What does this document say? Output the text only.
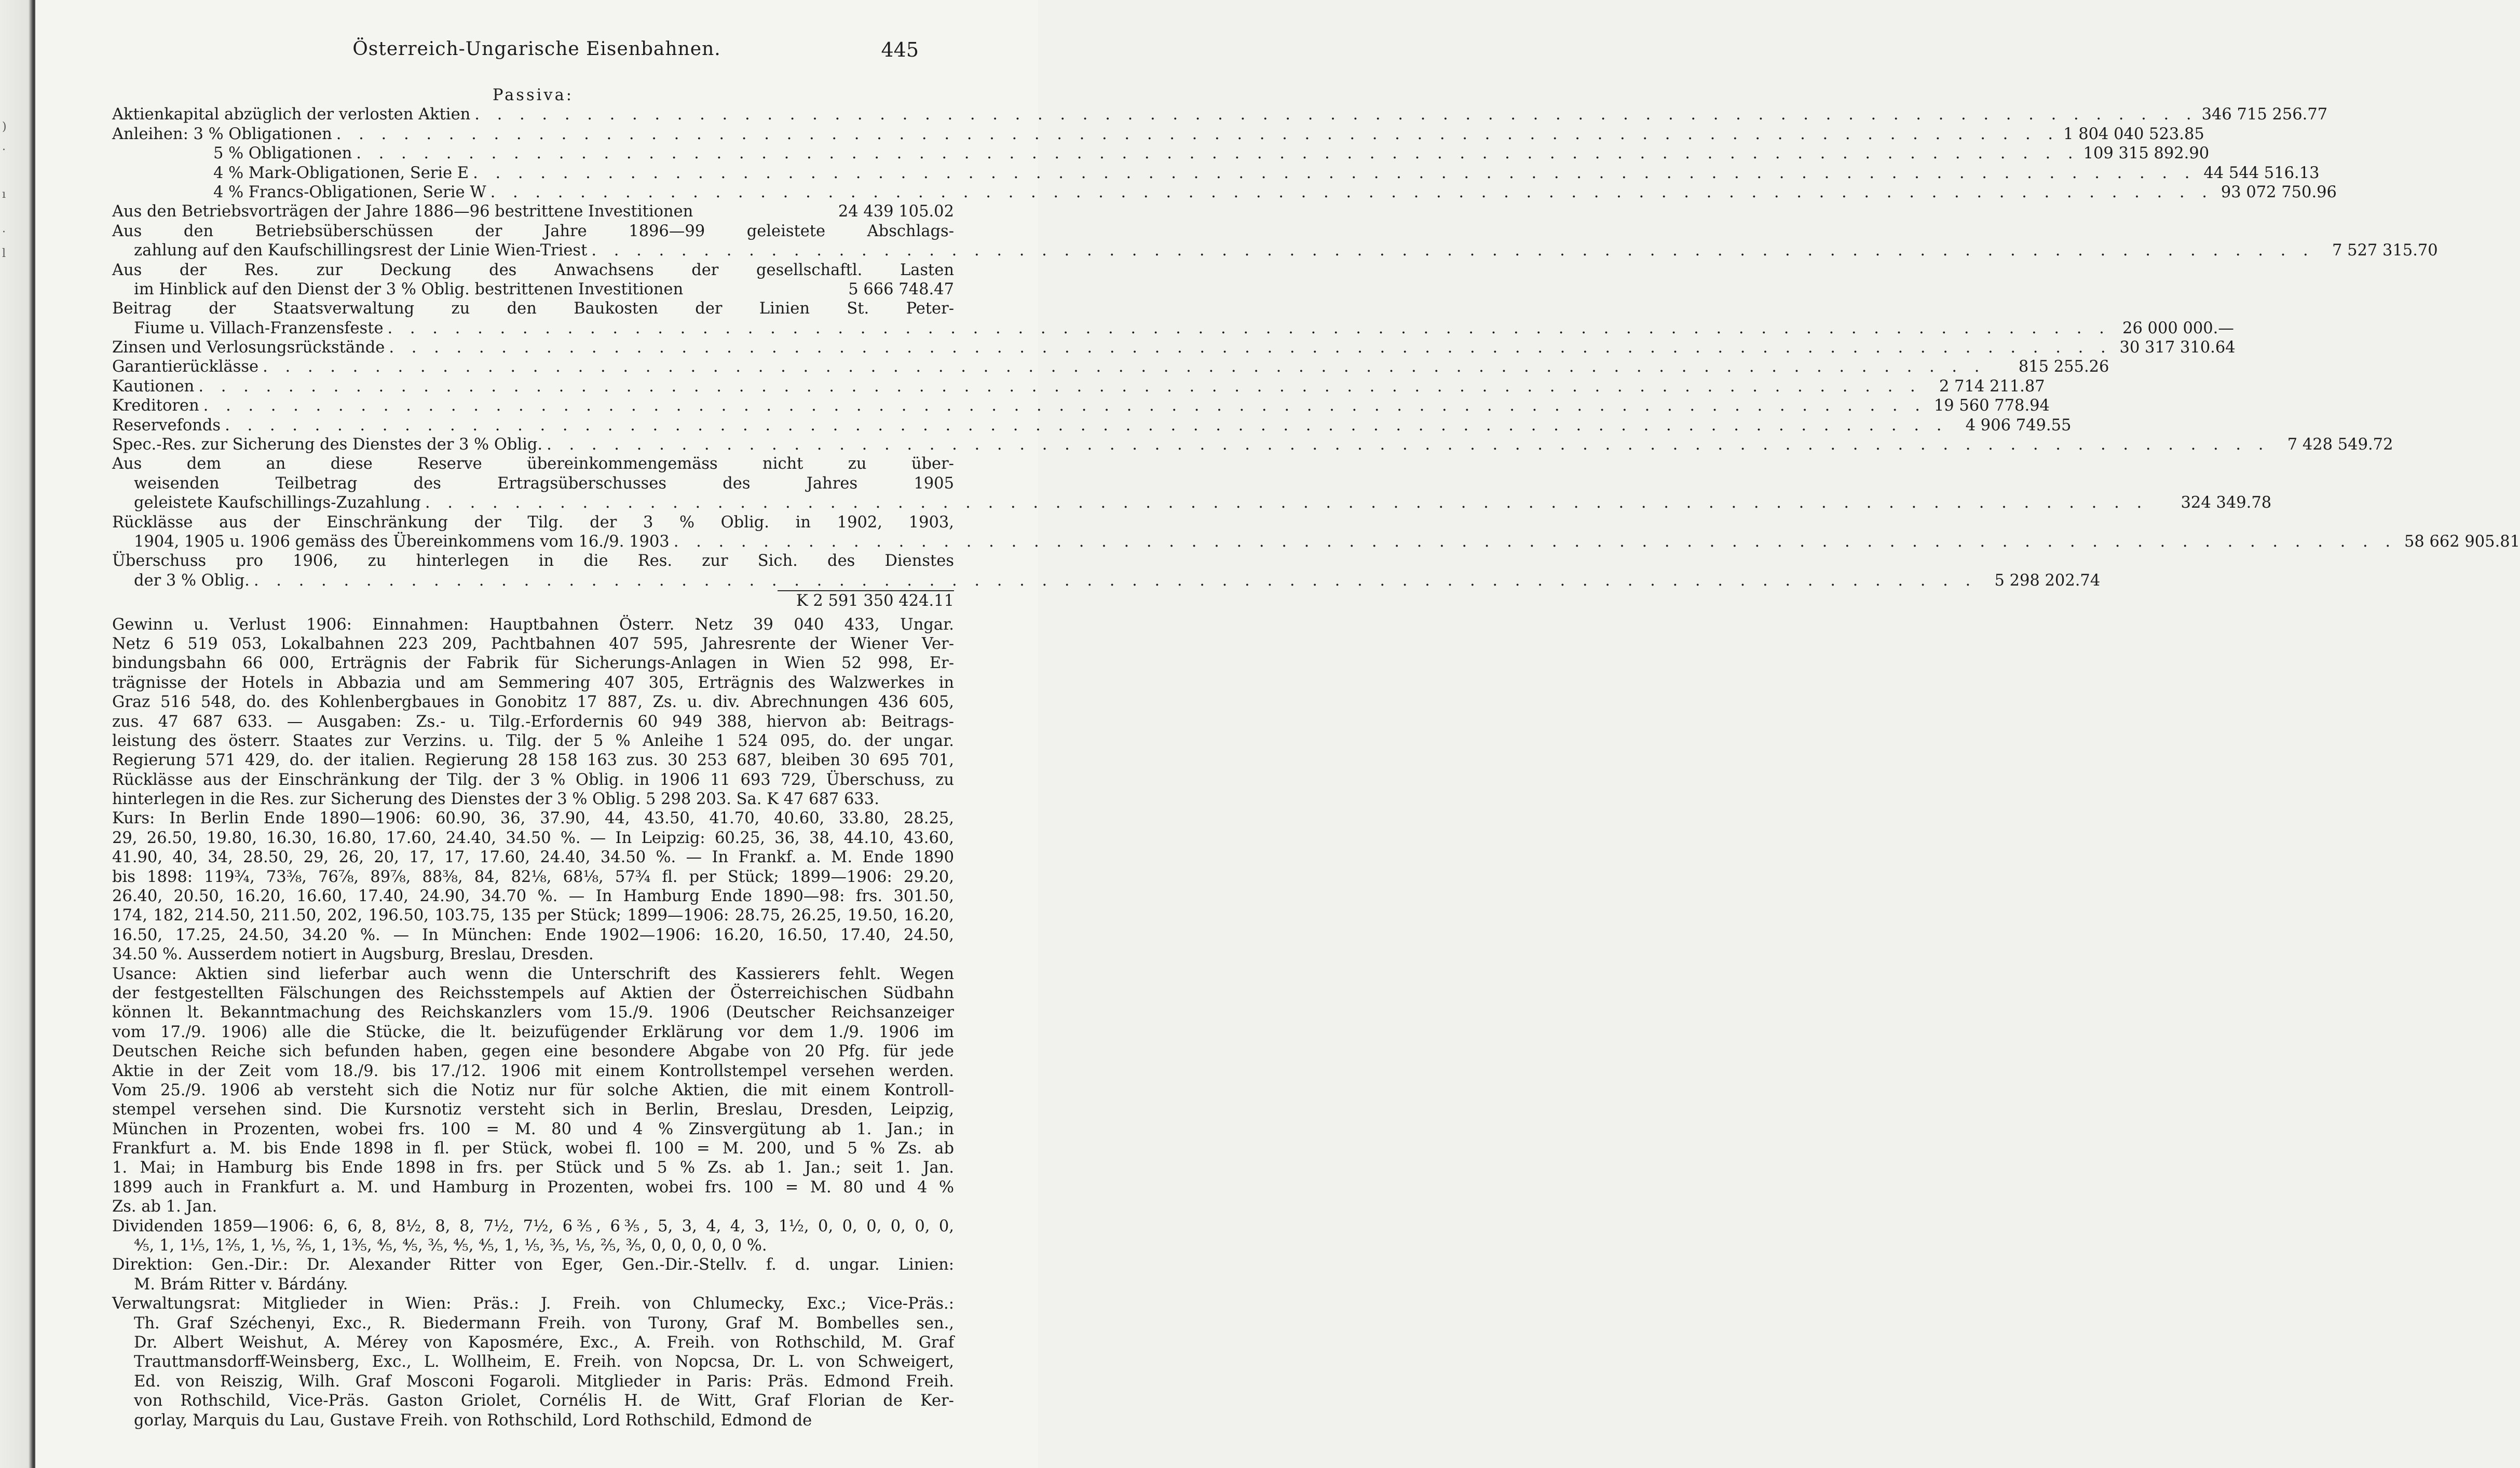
)
.
ı
·
l
Österreich-Ungarische Eisenbahnen.	445
Passiva:
Aktienkapital abzüglich der verlosten Aktien . . .	346 715 256.77
Anleihen: 3 % Obligationen . . .	1 804 040 523.85
5 % Obligationen . . .	109 315 892.90
4 % Mark-Obligationen, Serie E . . .	44 544 516.13
4 % Francs-Obligationen, Serie W . . .	93 072 750.96
Aus den Betriebsvorträgen der Jahre 1886—96 bestrittene Investitionen	24 439 105.02
Aus den Betriebsüberschüssen der Jahre 1896—99 geleistete Abschlags-
zahlung auf den Kaufschillingsrest der Linie Wien-Triest . . .	7 527 315.70
Aus der Res. zur Deckung des Anwachsens der gesellschaftl. Lasten
im Hinblick auf den Dienst der 3 % Oblig. bestrittenen Investitionen	5 666 748.47
Beitrag der Staatsverwaltung zu den Baukosten der Linien St. Peter-
Fiume u. Villach-Franzensfeste . . .	26 000 000.—
Zinsen und Verlosungsrückstände . . .	30 317 310.64
Garantierücklässe . . .	815 255.26
Kautionen . . .	2 714 211.87
Kreditoren . . .	19 560 778.94
Reservefonds . . .	4 906 749.55
Spec.-Res. zur Sicherung des Dienstes der 3 % Oblig. . . .	7 428 549.72
Aus dem an diese Reserve übereinkommengemäss nicht zu über-
weisenden Teilbetrag des Ertragsüberschusses des Jahres 1905
geleistete Kaufschillings-Zuzahlung . . .	324 349.78
Rücklässe aus der Einschränkung der Tilg. der 3 % Oblig. in 1902, 1903,
1904, 1905 u. 1906 gemäss des Übereinkommens vom 16./9. 1903 . . .	58 662 905.81
Überschuss pro 1906, zu hinterlegen in die Res. zur Sich. des Dienstes
der 3 % Oblig. . . .	5 298 202.74
K 2 591 350 424.11
Gewinn u. Verlust 1906: Einnahmen: Hauptbahnen Österr. Netz 39 040 433, Ungar.
Netz 6 519 053, Lokalbahnen 223 209, Pachtbahnen 407 595, Jahresrente der Wiener Ver-
bindungsbahn 66 000, Erträgnis der Fabrik für Sicherungs-Anlagen in Wien 52 998, Er-
trägnisse der Hotels in Abbazia und am Semmering 407 305, Erträgnis des Walzwerkes in
Graz 516 548, do. des Kohlenbergbaues in Gonobitz 17 887, Zs. u. div. Abrechnungen 436 605,
zus. 47 687 633. — Ausgaben: Zs.- u. Tilg.-Erfordernis 60 949 388, hiervon ab: Beitrags-
leistung des österr. Staates zur Verzins. u. Tilg. der 5 % Anleihe 1 524 095, do. der ungar.
Regierung 571 429, do. der italien. Regierung 28 158 163 zus. 30 253 687, bleiben 30 695 701,
Rücklässe aus der Einschränkung der Tilg. der 3 % Oblig. in 1906 11 693 729, Überschuss, zu
hinterlegen in die Res. zur Sicherung des Dienstes der 3 % Oblig. 5 298 203. Sa. K 47 687 633.
Kurs: In Berlin Ende 1890—1906: 60.90, 36, 37.90, 44, 43.50, 41.70, 40.60, 33.80, 28.25,
29, 26.50, 19.80, 16.30, 16.80, 17.60, 24.40, 34.50 %. — In Leipzig: 60.25, 36, 38, 44.10, 43.60,
41.90, 40, 34, 28.50, 29, 26, 20, 17, 17, 17.60, 24.40, 34.50 %. — In Frankf. a. M. Ende 1890
bis 1898: 119¾, 73⅜, 76⅞, 89⅞, 88⅜, 84, 82⅛, 68⅛, 57¾ fl. per Stück; 1899—1906: 29.20,
26.40, 20.50, 16.20, 16.60, 17.40, 24.90, 34.70 %. — In Hamburg Ende 1890—98: frs. 301.50,
174, 182, 214.50, 211.50, 202, 196.50, 103.75, 135 per Stück; 1899—1906: 28.75, 26.25, 19.50, 16.20,
16.50, 17.25, 24.50, 34.20 %. — In München: Ende 1902—1906: 16.20, 16.50, 17.40, 24.50,
34.50 %. Ausserdem notiert in Augsburg, Breslau, Dresden.
Usance: Aktien sind lieferbar auch wenn die Unterschrift des Kassierers fehlt. Wegen
der festgestellten Fälschungen des Reichsstempels auf Aktien der Österreichischen Südbahn
können lt. Bekanntmachung des Reichskanzlers vom 15./9. 1906 (Deutscher Reichsanzeiger
vom 17./9. 1906) alle die Stücke, die lt. beizufügender Erklärung vor dem 1./9. 1906 im
Deutschen Reiche sich befunden haben, gegen eine besondere Abgabe von 20 Pfg. für jede
Aktie in der Zeit vom 18./9. bis 17./12. 1906 mit einem Kontrollstempel versehen werden.
Vom 25./9. 1906 ab versteht sich die Notiz nur für solche Aktien, die mit einem Kontroll-
stempel versehen sind. Die Kursnotiz versteht sich in Berlin, Breslau, Dresden, Leipzig,
München in Prozenten, wobei frs. 100 = M. 80 und 4 % Zinsvergütung ab 1. Jan.; in
Frankfurt a. M. bis Ende 1898 in fl. per Stück, wobei fl. 100 = M. 200, und 5 % Zs. ab
1. Mai; in Hamburg bis Ende 1898 in frs. per Stück und 5 % Zs. ab 1. Jan.; seit 1. Jan.
1899 auch in Frankfurt a. M. und Hamburg in Prozenten, wobei frs. 100 = M. 80 und 4 %
Zs. ab 1. Jan.
Dividenden 1859—1906: 6, 6, 8, 8½, 8, 8, 7½, 7½, 6⅗, 6⅗, 5, 3, 4, 4, 3, 1½, 0, 0, 0, 0, 0, 0,
⅘, 1, 1⅕, 1⅖, 1, ⅕, ⅖, 1, 1⅗, ⅘, ⅘, ⅗, ⅘, ⅘, 1, ⅕, ⅗, ⅕, ⅖, ⅗, 0, 0, 0, 0, 0 %.
Direktion: Gen.-Dir.: Dr. Alexander Ritter von Eger, Gen.-Dir.-Stellv. f. d. ungar. Linien:
M. Brám Ritter v. Bárdány.
Verwaltungsrat: Mitglieder in Wien: Präs.: J. Freih. von Chlumecky, Exc.; Vice-Präs.:
Th. Graf Széchenyi, Exc., R. Biedermann Freih. von Turony, Graf M. Bombelles sen.,
Dr. Albert Weishut, A. Mérey von Kaposmére, Exc., A. Freih. von Rothschild, M. Graf
Trauttmansdorff-Weinsberg, Exc., L. Wollheim, E. Freih. von Nopcsa, Dr. L. von Schweigert,
Ed. von Reiszig, Wilh. Graf Mosconi Fogaroli. Mitglieder in Paris: Präs. Edmond Freih.
von Rothschild, Vice-Präs. Gaston Griolet, Cornélis H. de Witt, Graf Florian de Ker-
gorlay, Marquis du Lau, Gustave Freih. von Rothschild, Lord Rothschild, Edmond de
